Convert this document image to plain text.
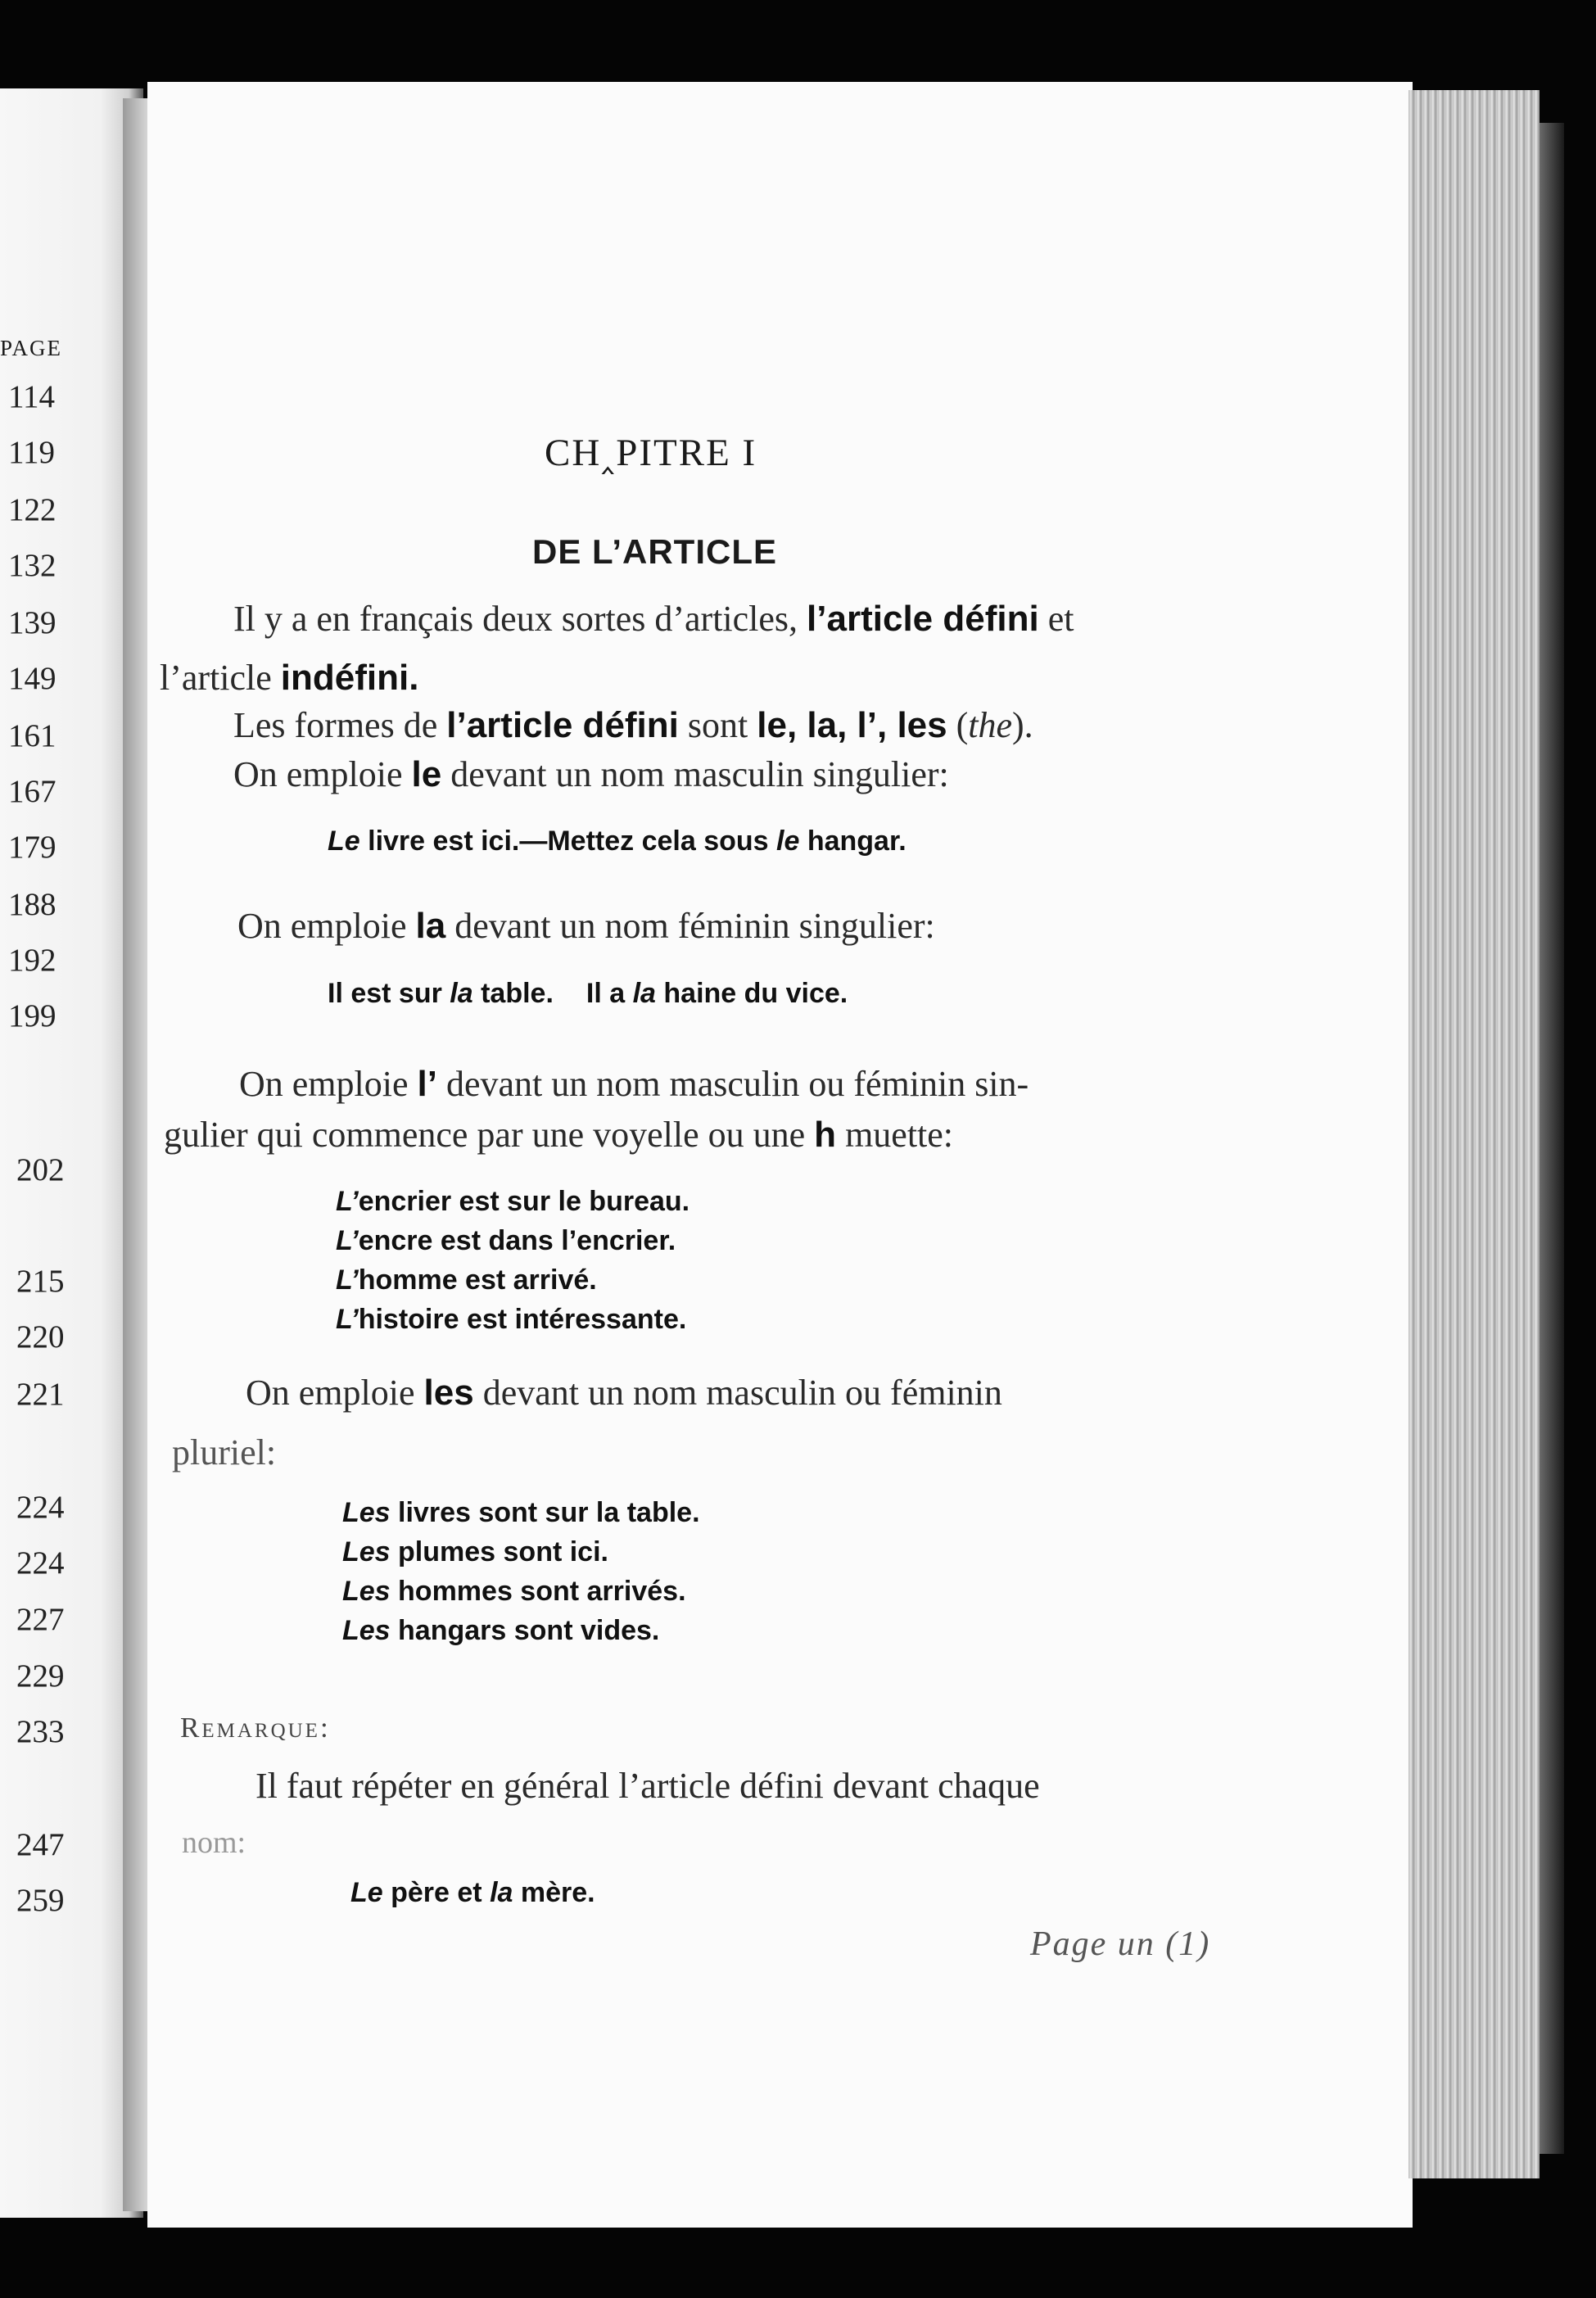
PAGE
114
119
122
132
139
149
161
167
179
188
192
199
202
215
220
221
224
224
227
229
233
247
259
CH‸PITRE I
DE L’ARTICLE
Il y a en français deux sortes d’articles, l’article défini et
l’article indéfini.
Les formes de l’article défini sont le, la, l’, les (the).
On emploie le devant un nom masculin singulier:
Le livre est ici.—Mettez cela sous le hangar.
On emploie la devant un nom féminin singulier:
Il est sur la table. Il a la haine du vice.
On emploie l’ devant un nom masculin ou féminin sin-
gulier qui commence par une voyelle ou une h muette:
L’encrier est sur le bureau.
L’encre est dans l’encrier.
L’homme est arrivé.
L’histoire est intéressante.
On emploie les devant un nom masculin ou féminin
pluriel:
Les livres sont sur la table.
Les plumes sont ici.
Les hommes sont arrivés.
Les hangars sont vides.
Remarque:
Il faut répéter en général l’article défini devant chaque
nom:
Le père et la mère.
Page un (1)
